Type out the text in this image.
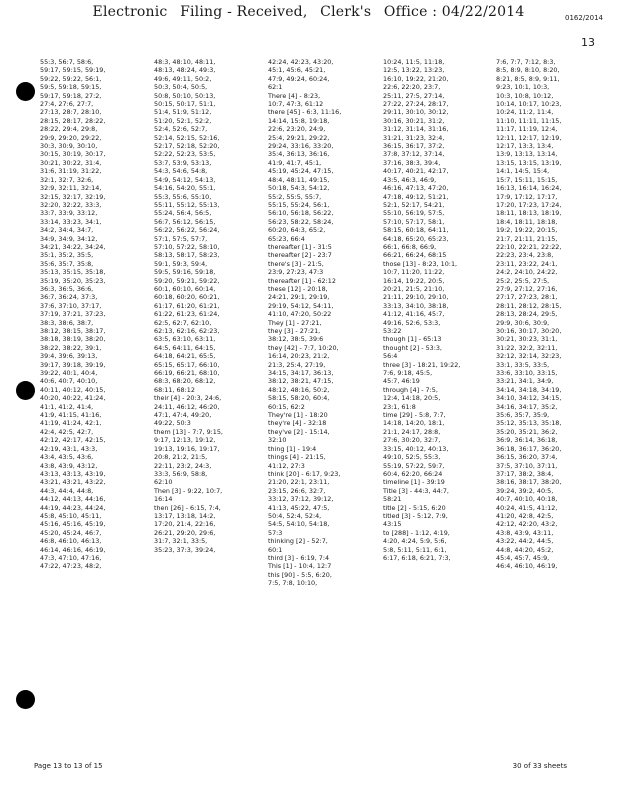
Electronic Filing - Received, Clerk's Office : 04/22/2014	0162/2014
13
55:3, 56:7, 58:6,
59:17, 59:15, 59:19,
59:22, 59:22, 56:1,
59:5, 59:18, 59:15,
59:17, 59:18, 27:2,
27:4, 27:6, 27:7,
27:13, 28:7, 28:10,
28:15, 28:17, 28:22,
28:22, 29:4, 29:8,
29:9, 29:20, 29:22,
30:3, 30:9, 30:10,
30:15, 30:19, 30:17,
30:21, 30:22, 31:4,
31:6, 31:19, 31:22,
32:1, 32:7, 32:6,
32:9, 32:11, 32:14,
32:15, 32:17, 32:19,
32:20, 32:22, 33:3,
33:7, 33:9, 33:12,
33:14, 33:23, 34:1,
34:2, 34:4, 34:7,
34:9, 34:9, 34:12,
34:21, 34:22, 34:24,
35:1, 35:2, 35:5,
35:6, 35:7, 35:8,
35:13, 35:15, 35:18,
35:19, 35:20, 35:23,
36:3, 36:5, 36:6,
36:7, 36:24, 37:3,
37:6, 37:10, 37:17,
37:19, 37:21, 37:23,
38:3, 38:6, 38:7,
38:12, 38:15, 38:17,
38:18, 38:19, 38:20,
38:22, 38:22, 39:1,
39:4, 39:6, 39:13,
39:17, 39:18, 39:19,
39:22, 40:1, 40:4,
40:6, 40:7, 40:10,
40:11, 40:12, 40:15,
40:20, 40:22, 41:24,
41:1, 41:2, 41:4,
41:9, 41:15, 41:16,
41:19, 41:24, 42:1,
42:4, 42:5, 42:7,
42:12, 42:17, 42:15,
42:19, 43:1, 43:3,
43:4, 43:5, 43:6,
43:8, 43:9, 43:12,
43:13, 43:13, 43:19,
43:21, 43:21, 43:22,
44:3, 44:4, 44:8,
44:12, 44:13, 44:16,
44:19, 44:23, 44:24,
45:8, 45:10, 45:11,
45:16, 45:16, 45:19,
45:20, 45:24, 46:7,
46:8, 46:10, 46:13,
46:14, 46:16, 46:19,
47:3, 47:10, 47:16,
47:22, 47:23, 48:2,
48:3, 48:10, 48:11,
48:13, 48:24, 49:3,
49:6, 49:11, 50:2,
50:3, 50:4, 50:5,
50:8, 50:10, 50:13,
50:15, 50:17, 51:1,
51:4, 51:9, 51:12,
51:20, 52:1, 52:2,
52:4, 52:6, 52:7,
52:14, 52:15, 52:16,
52:17, 52:18, 52:20,
52:22, 52:23, 53:5,
53:7, 53:9, 53:13,
54:3, 54:6, 54:8,
54:9, 54:12, 54:13,
54:16, 54:20, 55:1,
55:3, 55:6, 55:10,
55:11, 55:12, 55:13,
55:24, 56:4, 56:5,
56:7, 56:12, 56:15,
56:22, 56:22, 56:24,
57:1, 57:5, 57:7,
57:10, 57:22, 58:10,
58:13, 58:17, 58:23,
59:1, 59:3, 59:4,
59:5, 59:16, 59:18,
59:20, 59:21, 59:22,
60:1, 60:10, 60:14,
60:18, 60:20, 60:21,
61:17, 61:20, 61:21,
61:22, 61:23, 61:24,
62:5, 62:7, 62:10,
62:13, 62:16, 62:23,
63:5, 63:10, 63:11,
64:5, 64:11, 64:15,
64:18, 64:21, 65:5,
65:15, 65:17, 66:10,
66:19, 66:21, 68:10,
68:3, 68:20, 68:12,
68:11, 68:12
their [4] - 20:3, 24:6,
24:11, 46:12, 46:20,
47:1, 47:4, 49:20,
49:22, 50:3
them [13] - 7:7, 9:15,
9:17, 12:13, 19:12,
19:13, 19:16, 19:17,
20:8, 21:2, 21:5,
22:11, 23:2, 24:3,
33:3, 56:9, 58:8,
62:10
Then [3] - 9:22, 10:7,
16:14
then [26] - 6:15, 7:4,
13:17, 13:18, 14:2,
17:20, 21:4, 22:16,
26:21, 29:20, 29:6,
31:7, 32:1, 33:5,
35:23, 37:3, 39:24,
42:24, 42:23, 43:20,
45:1, 45:6, 45:21,
47:9, 49:24, 60:24,
62:1
There [4] - 8:23,
10:7, 47:3, 61:12
there [45] - 6:3, 11:16,
14:14, 15:8, 19:18,
22:6, 23:20, 24:9,
25:4, 29:21, 29:22,
29:24, 33:16, 33:20,
35:4, 36:13, 36:16,
41:9, 41:7, 45:1,
45:19, 45:24, 47:15,
48:4, 48:11, 49:15,
50:18, 54:3, 54:12,
55:2, 55:5, 55:7,
55:15, 55:24, 56:1,
56:10, 56:18, 56:22,
56:23, 58:22, 58:24,
60:20, 64:3, 65:2,
65:23, 66:4
thereafter [1] - 31:5
thereafter [2] - 23:7
there's [3] - 21:5,
23:9, 27:23, 47:3
thereafter [1] - 62:12
these [12] - 20:18,
24:21, 29:1, 29:19,
29:19, 54:12, 54:11,
41:10, 47:20, 50:22
They [1] - 27:21,
they [3] - 27:21,
38:12, 38:5, 39:6
they [42] - 7:7, 10:20,
16:14, 20:23, 21:2,
21:3, 25:4, 27:19,
34:15, 34:17, 36:13,
38:12, 38:21, 47:15,
48:12, 48:16, 50:2,
58:15, 58:20, 60:4,
60:15, 62:2
They're [1] - 18:20
they're [4] - 32:18
they've [2] - 15:14,
32:10
thing [1] - 19:4
things [4] - 21:15,
41:12, 27:3
think [20] - 6:17, 9:23,
21:20, 22:1, 23:11,
23:15, 26:6, 32:7,
33:12, 37:12, 39:12,
41:13, 45:22, 47:5,
50:4, 52:4, 52:4,
54:5, 54:10, 54:18,
57:3
thinking [2] - 52:7,
60:1
third [3] - 6:19, 7:4
This [1] - 10:4, 12:7
this [90] - 5:5, 6:20,
7:5, 7:8, 10:10,
10:24, 11:5, 11:18,
12:5, 13:22, 13:23,
16:10, 19:22, 21:20,
22:6, 22:20, 23:7,
25:11, 27:5, 27:14,
27:22, 27:24, 28:17,
29:11, 30:10, 30:12,
30:16, 30:21, 31:2,
31:12, 31:14, 31:16,
31:21, 31:23, 32:4,
36:15, 36:17, 37:2,
37:8, 37:12, 37:14,
37:16, 38:3, 39:4,
40:17, 40:21, 42:17,
43:5, 46:3, 46:9,
46:16, 47:13, 47:20,
47:18, 49:12, 51:21,
52:1, 52:17, 54:21,
55:10, 56:19, 57:5,
57:10, 57:17, 58:1,
58:15, 60:18, 64:11,
64:18, 65:20, 65:23,
66:1, 66:8, 66:9,
66:21, 66:24, 68:15
those [13] - 8:23, 10:1,
10:7, 11:20, 11:22,
16:14, 19:22, 20:5,
20:21, 21:5, 21:10,
21:11, 29:10, 29:10,
33:13, 34:10, 38:18,
41:12, 41:16, 45:7,
49:16, 52:6, 53:3,
53:22
though [1] - 65:13
thought [2] - 53:3,
56:4
three [3] - 18:21, 19:22,
7:6, 9:18, 45:5,
45:7, 46:19
through [4] - 7:5,
12:4, 14:18, 20:5,
23:1, 61:8
time [29] - 5:8, 7:7,
14:18, 14:20, 18:1,
21:1, 24:17, 28:8,
27:6, 30:20, 32:7,
33:15, 40:12, 40:13,
49:10, 52:5, 55:3,
55:19, 57:22, 59:7,
60:4, 62:20, 66:24
timeline [1] - 39:19
Title [3] - 44:3, 44:7,
58:21
title [2] - 5:15, 6:20
titled [3] - 5:12, 7:9,
43:15
to [288] - 1:12, 4:19,
4:20, 4:24, 5:9, 5:6,
5:8, 5:11, 5:11, 6:1,
6:17, 6:18, 6:21, 7:3,
7:6, 7:7, 7:12, 8:3,
8:5, 8:9, 8:10, 8:20,
8:21, 8:5, 8:9, 9:11,
9:23, 10:1, 10:3,
10:3, 10:8, 10:12,
10:14, 10:17, 10:23,
10:24, 11:2, 11:4,
11:10, 11:11, 11:15,
11:17, 11:19, 12:4,
12:11, 12:17, 12:19,
12:17, 13:3, 13:4,
13:9, 13:13, 13:14,
13:15, 13:15, 13:19,
14:1, 14:5, 15:4,
15:7, 15:11, 15:15,
16:13, 16:14, 16:24,
17:9, 17:12, 17:17,
17:20, 17:23, 17:24,
18:11, 18:13, 18:19,
18:4, 18:11, 18:18,
19:2, 19:22, 20:15,
21:7, 21:11, 21:15,
22:10, 22:21, 22:22,
22:23, 23:4, 23:8,
23:11, 23:22, 24:1,
24:2, 24:10, 24:22,
25:2, 25:5, 27:5,
27:9, 27:12, 27:16,
27:17, 27:23, 28:1,
28:11, 28:12, 28:15,
28:13, 28:24, 29:5,
29:9, 30:6, 30:9,
30:16, 30:17, 30:20,
30:21, 30:23, 31:1,
31:22, 32:2, 32:11,
32:12, 32:14, 32:23,
33:1, 33:5, 33:5,
33:6, 33:10, 33:15,
33:21, 34:1, 34:9,
34:14, 34:18, 34:19,
34:10, 34:12, 34:15,
34:16, 34:17, 35:2,
35:6, 35:7, 35:9,
35:12, 35:13, 35:18,
35:20, 35:21, 36:2,
36:9, 36:14, 36:18,
36:18, 36:17, 36:20,
36:15, 36:20, 37:4,
37:5, 37:10, 37:11,
37:17, 38:2, 38:4,
38:16, 38:17, 38:20,
39:24, 39:2, 40:5,
40:7, 40:10, 40:18,
40:24, 41:5, 41:12,
41:20, 42:8, 42:5,
42:12, 42:20, 43:2,
43:8, 43:9, 43:11,
43:22, 44:2, 44:5,
44:8, 44:20, 45:2,
45:4, 45:7, 45:9,
46:4, 46:10, 46:19,
Page 13 to 13 of 15	30 of 33 sheets
